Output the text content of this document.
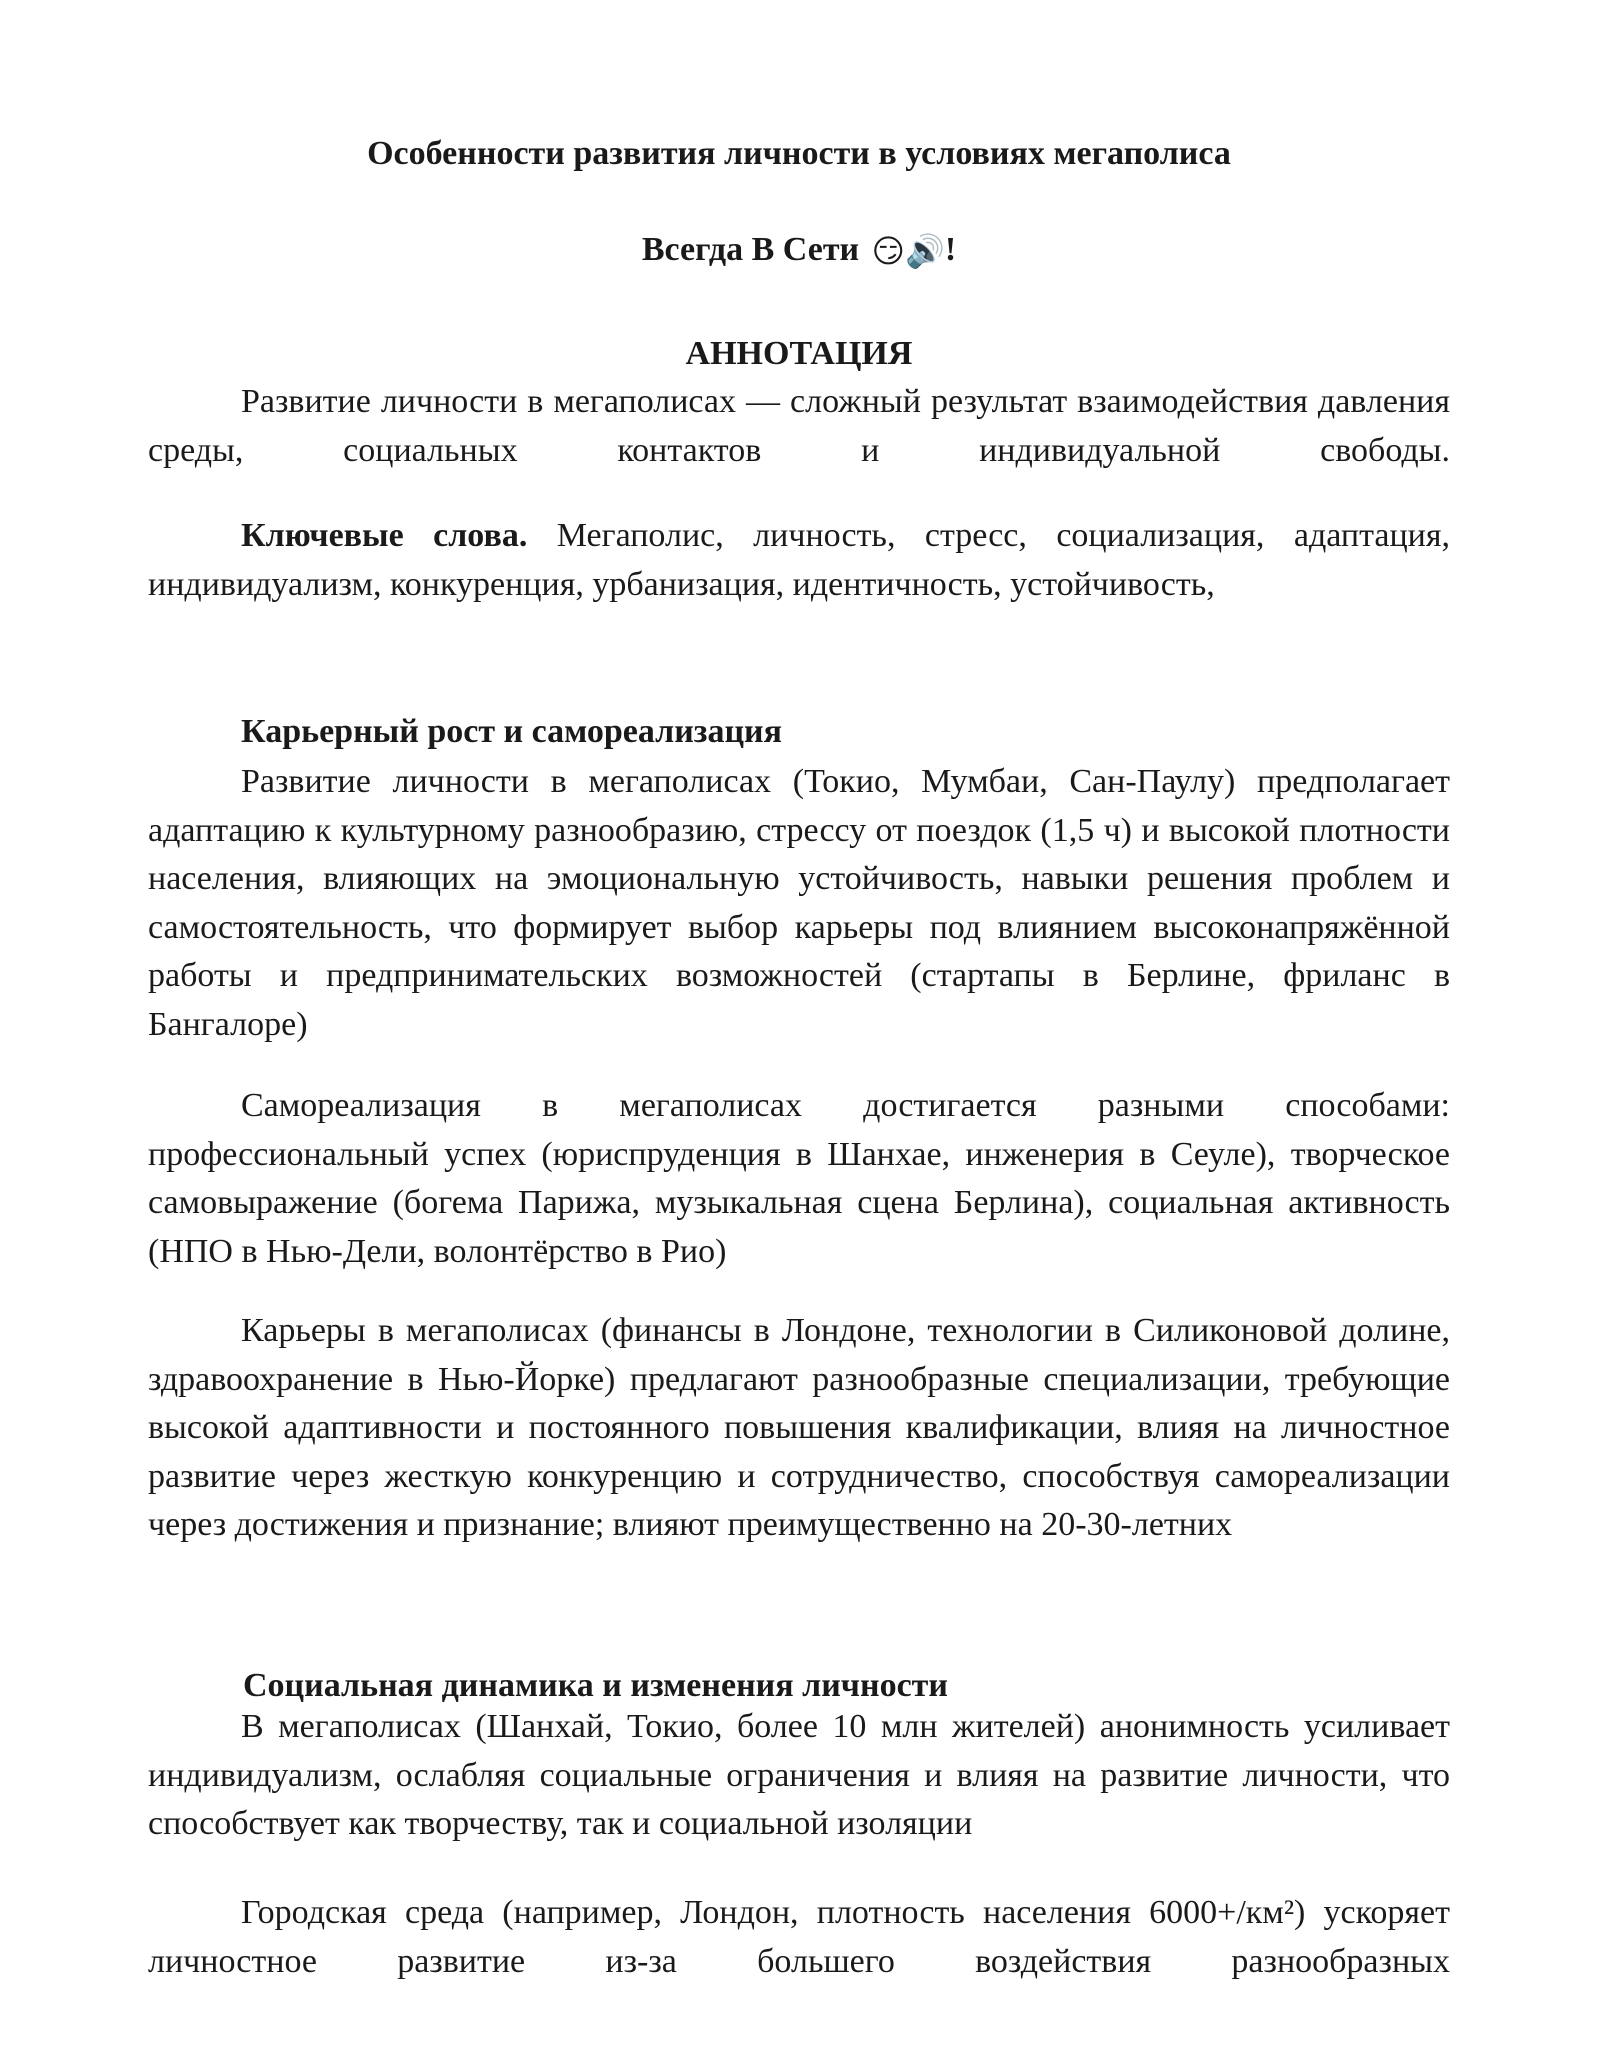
Особенности развития личности в условиях мегаполиса
Всегда В Сети 😏🔊!
АННОТАЦИЯ

Развитие личности в мегаполисах — сложный результат взаимодействия давления среды, социальных контактов и индивидуальной свободы.

Ключевые слова. Мегаполис, личность, стресс, социализация, адаптация, индивидуализм, конкуренция, урбанизация, идентичность, устойчивость,

Карьерный рост и самореализация

Развитие личности в мегаполисах (Токио, Мумбаи, Сан-Паулу) предполагает адаптацию к культурному разнообразию, стрессу от поездок (1,5 ч) и высокой плотности населения, влияющих на эмоциональную устойчивость, навыки решения проблем и самостоятельность, что формирует выбор карьеры под влиянием высоконапряжённой работы и предпринимательских возможностей (стартапы в Берлине, фриланс в Бангалоре)

Самореализация в мегаполисах достигается разными способами: профессиональный успех (юриспруденция в Шанхае, инженерия в Сеуле), творческое самовыражение (богема Парижа, музыкальная сцена Берлина), социальная активность (НПО в Нью-Дели, волонтёрство в Рио)

Карьеры в мегаполисах (финансы в Лондоне, технологии в Силиконовой долине, здравоохранение в Нью-Йорке) предлагают разнообразные специализации, требующие высокой адаптивности и постоянного повышения квалификации, влияя на личностное развитие через жесткую конкуренцию и сотрудничество, способствуя самореализации через достижения и признание; влияют преимущественно на 20-30-летних

Социальная динамика и изменения личности

В мегаполисах (Шанхай, Токио, более 10 млн жителей) анонимность усиливает индивидуализм, ослабляя социальные ограничения и влияя на развитие личности, что способствует как творчеству, так и социальной изоляции

Городская среда (например, Лондон, плотность населения 6000+/км²) ускоряет личностное развитие из-за большего воздействия разнообразных
